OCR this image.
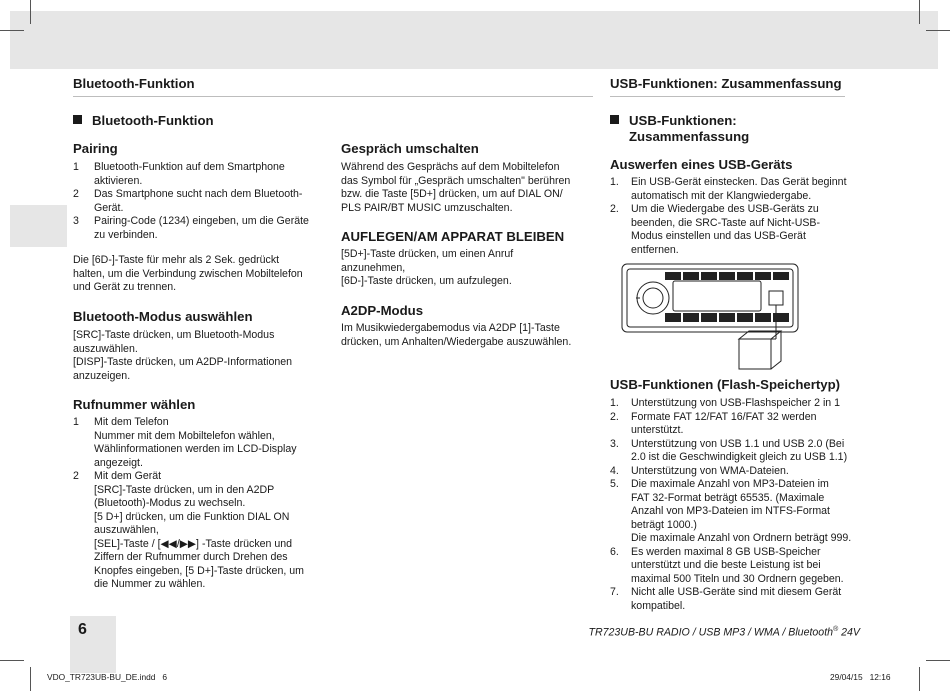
6
Bluetooth-Funktion	USB-Funktionen: Zusammenfassung
Bluetooth-Funktion
Pairing
1 Bluetooth-Funktion auf dem Smartphone
aktivieren.
2 Das Smartphone sucht nach dem Bluetooth-
Gerät.
3 Pairing-Code (1234) eingeben, um die Geräte
zu verbinden.
Die [6D-]-Taste für mehr als 2 Sek. gedrückt
halten, um die Verbindung zwischen Mobiltelefon
und Gerät zu trennen.
Bluetooth-Modus auswählen
[SRC]-Taste drücken, um Bluetooth-Modus
auszuwählen.
[DISP]-Taste drücken, um A2DP-Informationen
anzuzeigen.
Rufnummer wählen
1 Mit dem Telefon
Nummer mit dem Mobiltelefon wählen,
Wählinformationen werden im LCD-Display
angezeigt.
2 Mit dem Gerät
[SRC]-Taste drücken, um in den A2DP
(Bluetooth)-Modus zu wechseln.
[5 D+] drücken, um die Funktion DIAL ON
auszuwählen,
[SEL]-Taste / [◀◀/▶▶] -Taste drücken und
Ziffern der Rufnummer durch Drehen des
Knopfes eingeben, [5 D+]-Taste drücken, um
die Nummer zu wählen.
Gespräch umschalten
Während des Gesprächs auf dem Mobiltelefon
das Symbol für „Gespräch umschalten" berühren
bzw. die Taste [5D+] drücken, um auf DIAL ON/
PLS PAIR/BT MUSIC umzuschalten.
AUFLEGEN/AM APPARAT BLEIBEN
[5D+]-Taste drücken, um einen Anruf
anzunehmen,
[6D-]-Taste drücken, um aufzulegen.
A2DP-Modus
Im Musikwiedergabemodus via A2DP [1]-Taste
drücken, um Anhalten/Wiedergabe auszuwählen.
USB-Funktionen:
Zusammenfassung
Auswerfen eines USB-Geräts
1. Ein USB-Gerät einstecken. Das Gerät beginnt
automatisch mit der Klangwiedergabe.
2. Um die Wiedergabe des USB-Geräts zu
beenden, die SRC-Taste auf Nicht-USB-
Modus einstellen und das USB-Gerät
entfernen.
USB-Funktionen (Flash-Speichertyp)
1. Unterstützung von USB-Flashspeicher 2 in 1
2. Formate FAT 12/FAT 16/FAT 32 werden
unterstützt.
3. Unterstützung von USB 1.1 und USB 2.0 (Bei
2.0 ist die Geschwindigkeit gleich zu USB 1.1)
4. Unterstützung von WMA-Dateien.
5. Die maximale Anzahl von MP3-Dateien im
FAT 32-Format beträgt 65535. (Maximale
Anzahl von MP3-Dateien im NTFS-Format
beträgt 1000.)
Die maximale Anzahl von Ordnern beträgt 999.
6. Es werden maximal 8 GB USB-Speicher
unterstützt und die beste Leistung ist bei
maximal 500 Titeln und 30 Ordnern gegeben.
7. Nicht alle USB-Geräte sind mit diesem Gerät
kompatibel.
TR723UB-BU RADIO / USB MP3 / WMA / Bluetooth® 24V
VDO_TR723UB-BU_DE.indd   6	29/04/15   12:16
